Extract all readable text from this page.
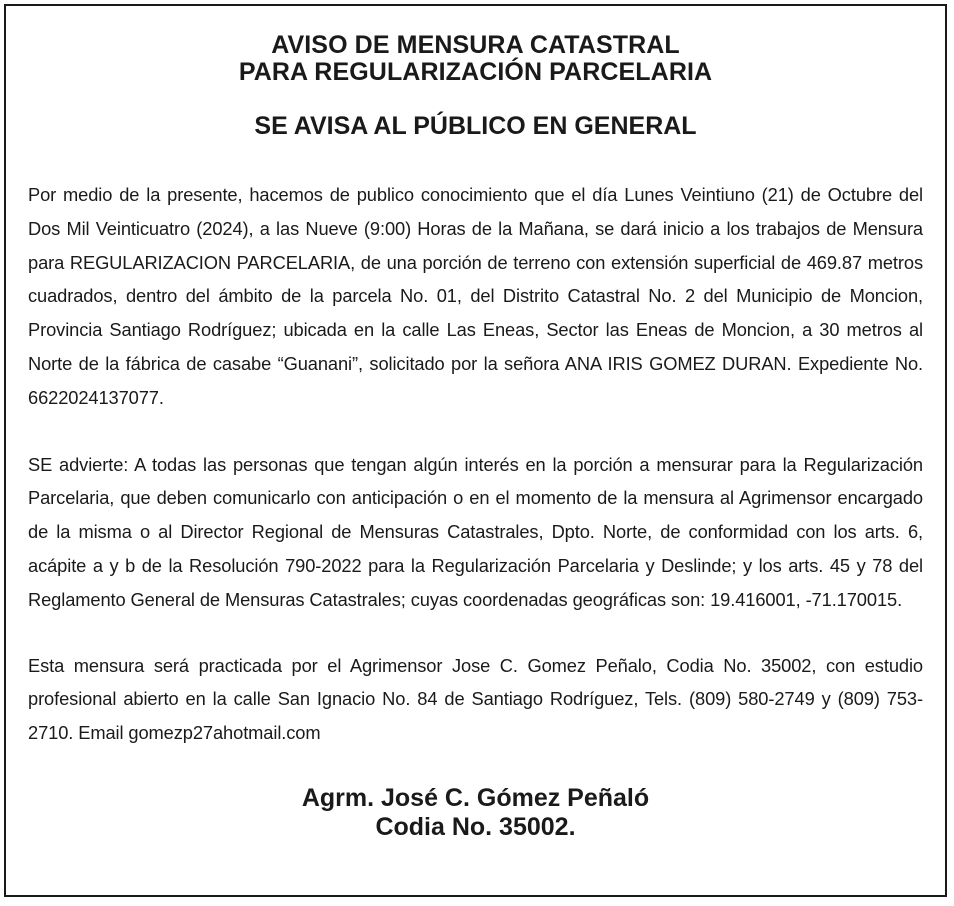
AVISO DE MENSURA CATASTRAL
PARA REGULARIZACIÓN PARCELARIA
SE AVISA AL PÚBLICO EN GENERAL

Por medio de la presente, hacemos de publico conocimiento que el día Lunes Veintiuno (21) de Octubre del Dos Mil Veinticuatro (2024), a las Nueve (9:00) Horas de la Mañana, se dará inicio a los trabajos de Mensura para REGULARIZACION PARCELARIA, de una porción de terreno con extensión superficial de 469.87 metros cuadrados, dentro del ámbito de la parcela No. 01, del Distrito Catastral No. 2 del Municipio de Moncion, Provincia Santiago Rodríguez; ubicada en la calle Las Eneas, Sector las Eneas de Moncion, a 30 metros al Norte de la fábrica de casabe “Guanani”, solicitado por la señora ANA IRIS GOMEZ DURAN. Expediente No. 6622024137077.

SE advierte: A todas las personas que tengan algún interés en la porción a mensurar para la Regularización Parcelaria, que deben comunicarlo con anticipación o en el momento de la mensura al Agrimensor encargado de la misma o al Director Regional de Mensuras Catastrales, Dpto. Norte, de conformidad con los arts. 6, acápite a y b de la Resolución 790-2022 para la Regularización Parcelaria y Deslinde; y los arts. 45 y 78 del Reglamento General de Mensuras Catastrales; cuyas coordenadas geográficas son: 19.416001, -71.170015.

Esta mensura será practicada por el Agrimensor Jose C. Gomez Peñalo, Codia No. 35002, con estudio profesional abierto en la calle San Ignacio No. 84 de Santiago Rodríguez, Tels. (809) 580-2749 y (809) 753-2710. Email gomezp27ahotmail.com

Agrm. José C. Gómez Peñaló
Codia No. 35002.
